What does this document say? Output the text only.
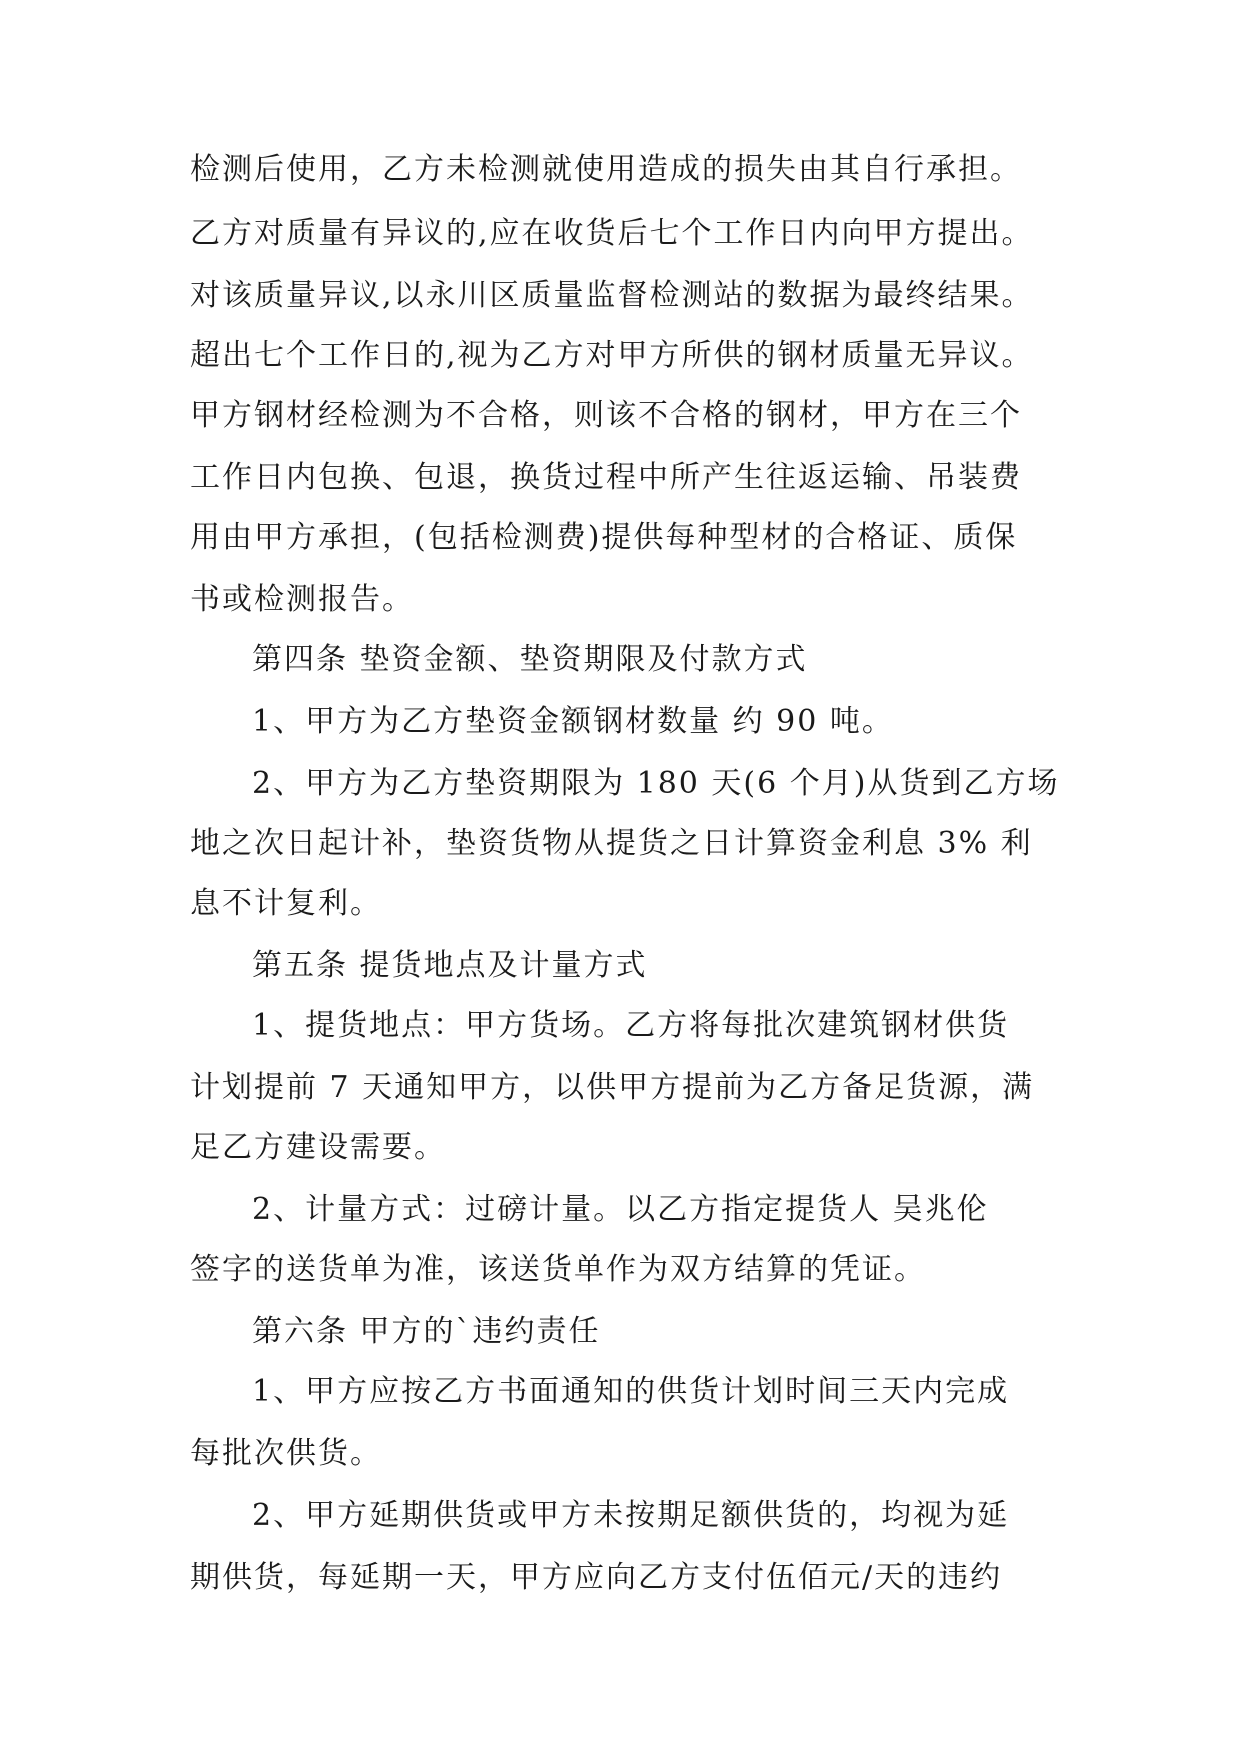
检测后使用，乙方未检测就使用造成的损失由其自行承担。
乙方对质量有异议的,应在收货后七个工作日内向甲方提出。
对该质量异议,以永川区质量监督检测站的数据为最终结果。
超出七个工作日的,视为乙方对甲方所供的钢材质量无异议。
甲方钢材经检测为不合格，则该不合格的钢材，甲方在三个
工作日内包换、包退，换货过程中所产生往返运输、吊装费
用由甲方承担，(包括检测费)提供每种型材的合格证、质保
书或检测报告。
第四条 垫资金额、垫资期限及付款方式
1、甲方为乙方垫资金额钢材数量 约 90 吨。
2、甲方为乙方垫资期限为 180 天(6 个月)从货到乙方场
地之次日起计补，垫资货物从提货之日计算资金利息 3% 利
息不计复利。
第五条 提货地点及计量方式
1、提货地点：甲方货场。乙方将每批次建筑钢材供货
计划提前 7 天通知甲方，以供甲方提前为乙方备足货源，满
足乙方建设需要。
2、计量方式：过磅计量。以乙方指定提货人 吴兆伦
签字的送货单为准，该送货单作为双方结算的凭证。
第六条 甲方的`违约责任
1、甲方应按乙方书面通知的供货计划时间三天内完成
每批次供货。
2、甲方延期供货或甲方未按期足额供货的，均视为延
期供货，每延期一天，甲方应向乙方支付伍佰元/天的违约
